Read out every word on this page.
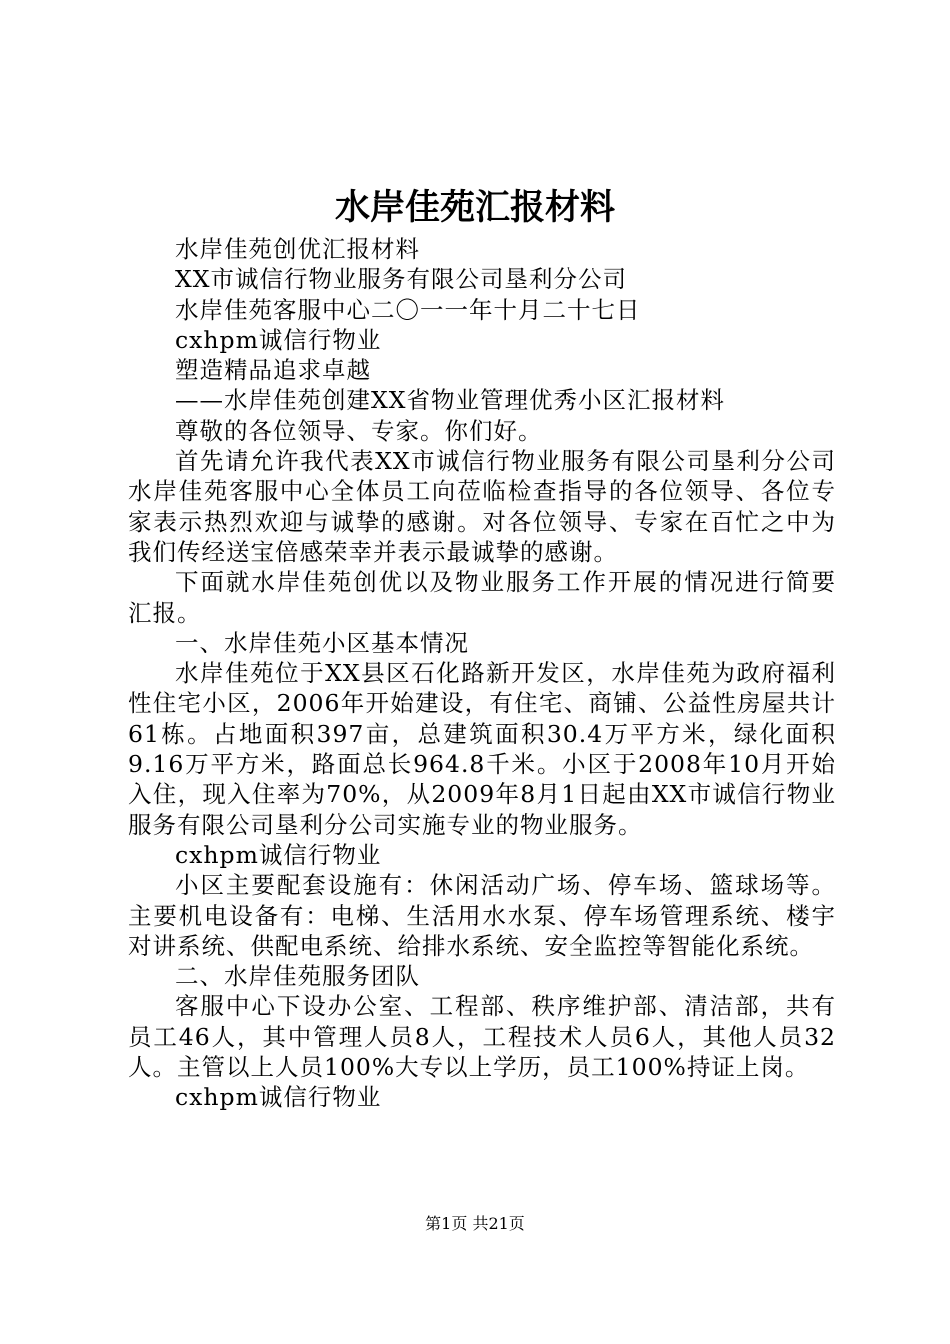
水岸佳苑汇报材料

水岸佳苑创优汇报材料

XX市诚信行物业服务有限公司垦利分公司

水岸佳苑客服中心二〇一一年十月二十七日

cxhpm诚信行物业

塑造精品追求卓越

——水岸佳苑创建XX省物业管理优秀小区汇报材料

尊敬的各位领导、专家。你们好。

首先请允许我代表XX市诚信行物业服务有限公司垦利分公司水岸佳苑客服中心全体员工向莅临检查指导的各位领导、各位专家表示热烈欢迎与诚挚的感谢。对各位领导、专家在百忙之中为我们传经送宝倍感荣幸并表示最诚挚的感谢。

下面就水岸佳苑创优以及物业服务工作开展的情况进行简要汇报。

一、水岸佳苑小区基本情况

水岸佳苑位于XX县区石化路新开发区，水岸佳苑为政府福利性住宅小区，2006年开始建设，有住宅、商铺、公益性房屋共计61栋。占地面积397亩，总建筑面积30.4万平方米，绿化面积9.16万平方米，路面总长964.8千米。小区于2008年10月开始入住，现入住率为70%，从2009年8月1日起由XX市诚信行物业服务有限公司垦利分公司实施专业的物业服务。

cxhpm诚信行物业

小区主要配套设施有：休闲活动广场、停车场、篮球场等。主要机电设备有：电梯、生活用水水泵、停车场管理系统、楼宇对讲系统、供配电系统、给排水系统、安全监控等智能化系统。

二、水岸佳苑服务团队

客服中心下设办公室、工程部、秩序维护部、清洁部，共有员工46人，其中管理人员8人，工程技术人员6人，其他人员32人。主管以上人员100%大专以上学历，员工100%持证上岗。

cxhpm诚信行物业

第1页 共21页
